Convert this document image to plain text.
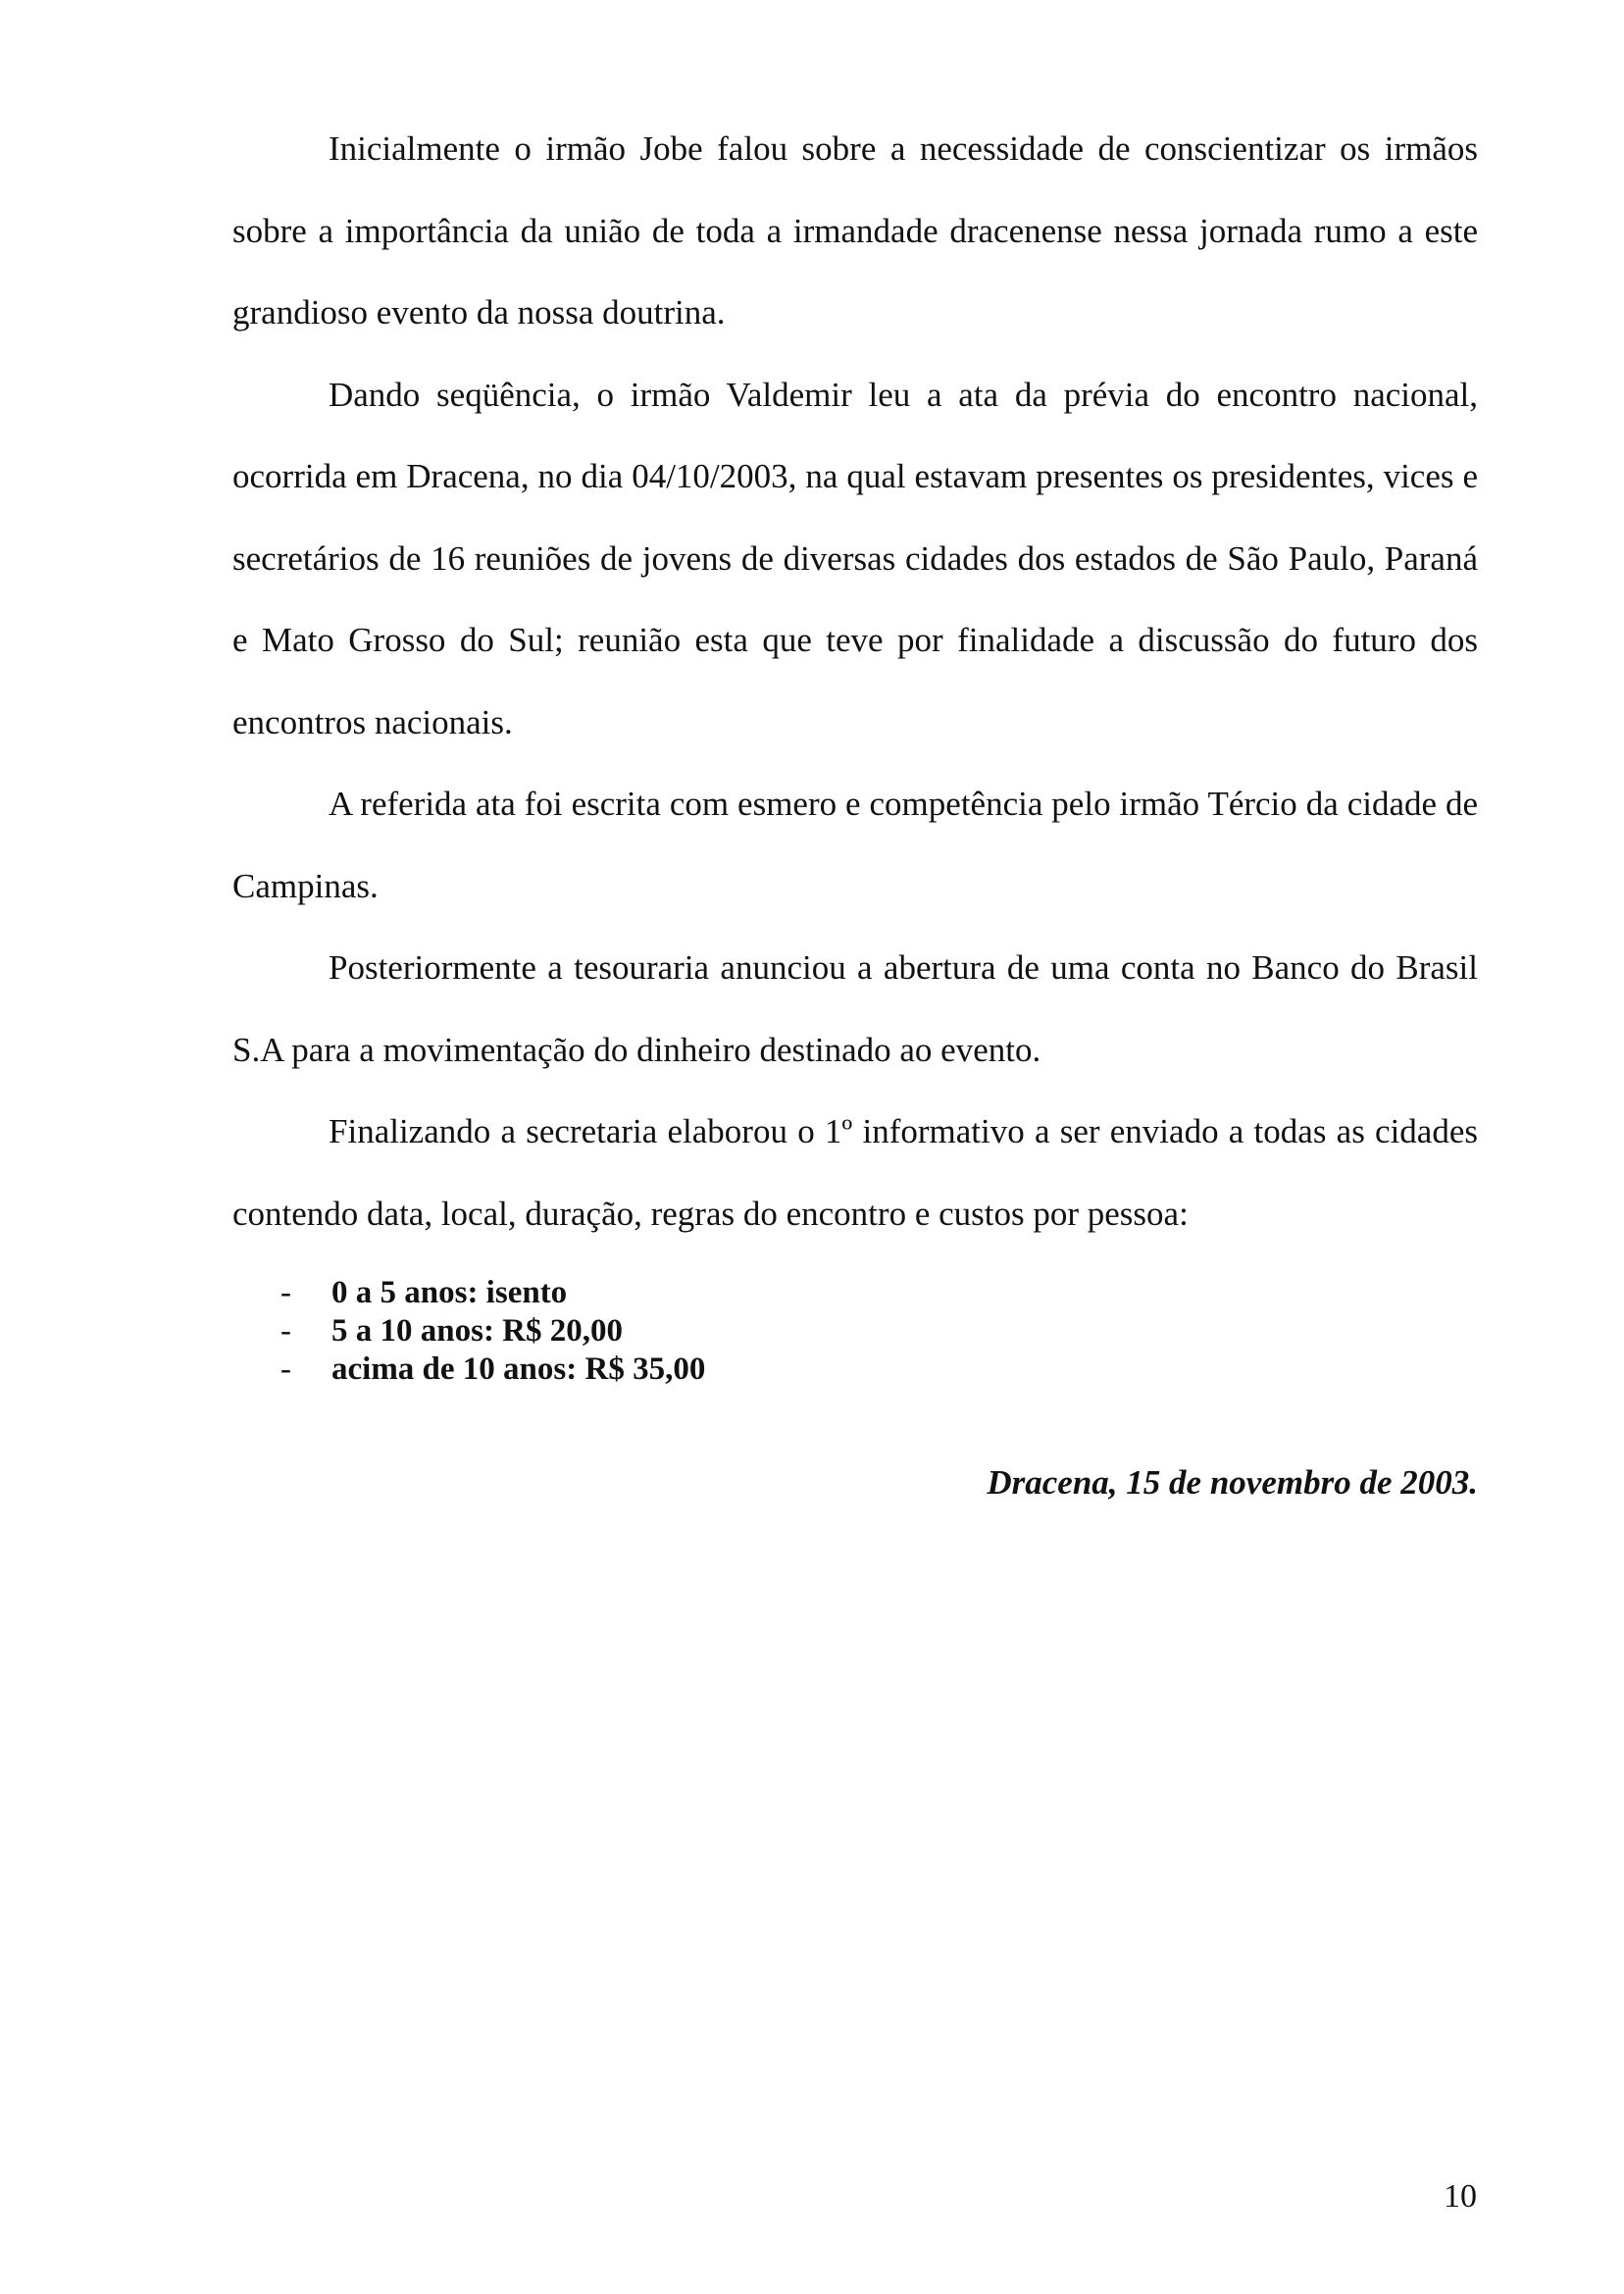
Inicialmente o irmão Jobe falou sobre a necessidade de conscientizar os irmãos sobre a importância da união de toda a irmandade dracenense nessa jornada rumo a este grandioso evento da nossa doutrina.

Dando seqüência, o irmão Valdemir leu a ata da prévia do encontro nacional, ocorrida em Dracena, no dia 04/10/2003, na qual estavam presentes os presidentes, vices e secretários de 16 reuniões de jovens de diversas cidades dos estados de São Paulo, Paraná e Mato Grosso do Sul; reunião esta que teve por finalidade a discussão do futuro dos encontros nacionais.

A referida ata foi escrita com esmero e competência pelo irmão Tércio da cidade de Campinas.

Posteriormente a tesouraria anunciou a abertura de uma conta no Banco do Brasil S.A para a movimentação do dinheiro destinado ao evento.

Finalizando a secretaria elaborou o 1º informativo a ser enviado a todas as cidades contendo data, local, duração, regras do encontro e custos por pessoa:

- 0 a 5 anos: isento
- 5 a 10 anos: R$ 20,00
- acima de 10 anos: R$ 35,00

Dracena, 15 de novembro de 2003.

10
